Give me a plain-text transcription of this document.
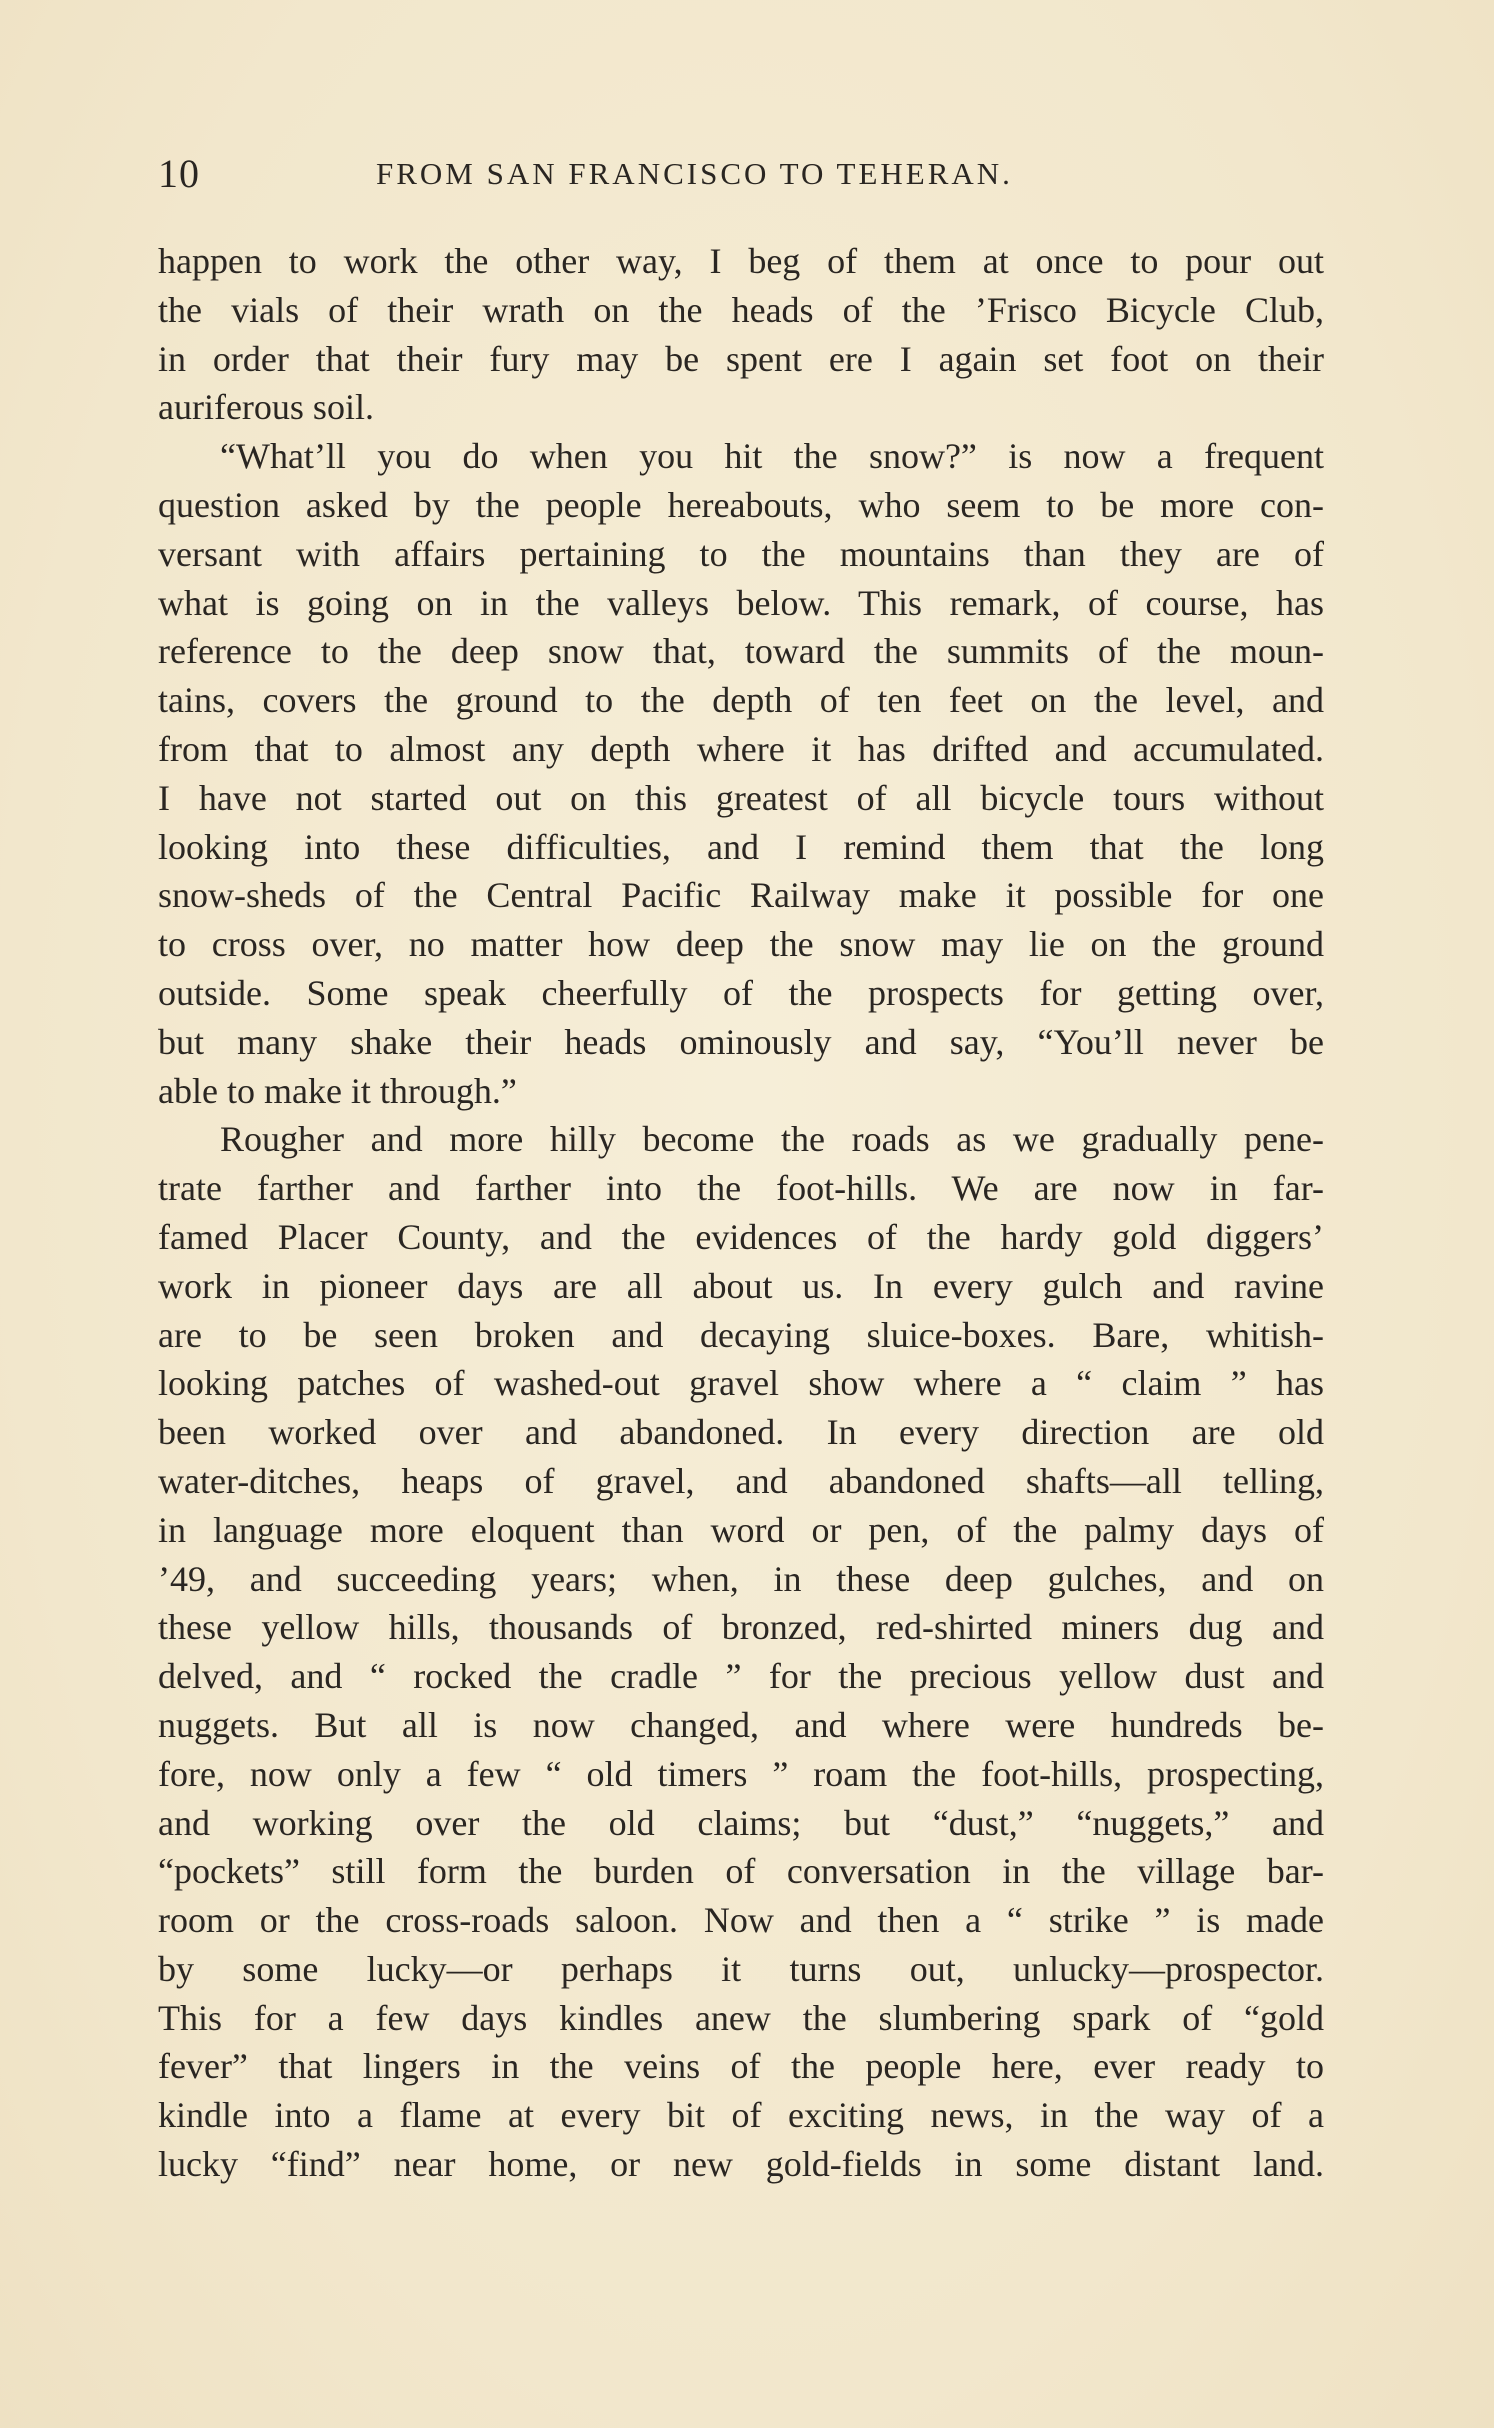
10	FROM SAN FRANCISCO TO TEHERAN.
happen to work the other way, I beg of them at once to pour out
the vials of their wrath on the heads of the ’Frisco Bicycle Club,
in order that their fury may be spent ere I again set foot on their
auriferous soil.
“What’ll you do when you hit the snow?” is now a frequent
question asked by the people hereabouts, who seem to be more con-
versant with affairs pertaining to the mountains than they are of
what is going on in the valleys below. This remark, of course, has
reference to the deep snow that, toward the summits of the moun-
tains, covers the ground to the depth of ten feet on the level, and
from that to almost any depth where it has drifted and accumulated.
I have not started out on this greatest of all bicycle tours without
looking into these difficulties, and I remind them that the long
snow-sheds of the Central Pacific Railway make it possible for one
to cross over, no matter how deep the snow may lie on the ground
outside. Some speak cheerfully of the prospects for getting over,
but many shake their heads ominously and say, “You’ll never be
able to make it through.”
Rougher and more hilly become the roads as we gradually pene-
trate farther and farther into the foot-hills. We are now in far-
famed Placer County, and the evidences of the hardy gold diggers’
work in pioneer days are all about us. In every gulch and ravine
are to be seen broken and decaying sluice-boxes. Bare, whitish-
looking patches of washed-out gravel show where a “ claim ” has
been worked over and abandoned. In every direction are old
water-ditches, heaps of gravel, and abandoned shafts—all telling,
in language more eloquent than word or pen, of the palmy days of
’49, and succeeding years; when, in these deep gulches, and on
these yellow hills, thousands of bronzed, red-shirted miners dug and
delved, and “ rocked the cradle ” for the precious yellow dust and
nuggets. But all is now changed, and where were hundreds be-
fore, now only a few “ old timers ” roam the foot-hills, prospecting,
and working over the old claims; but “dust,” “nuggets,” and
“pockets” still form the burden of conversation in the village bar-
room or the cross-roads saloon. Now and then a “ strike ” is made
by some lucky—or perhaps it turns out, unlucky—prospector.
This for a few days kindles anew the slumbering spark of “gold
fever” that lingers in the veins of the people here, ever ready to
kindle into a flame at every bit of exciting news, in the way of a
lucky “find” near home, or new gold-fields in some distant land.
